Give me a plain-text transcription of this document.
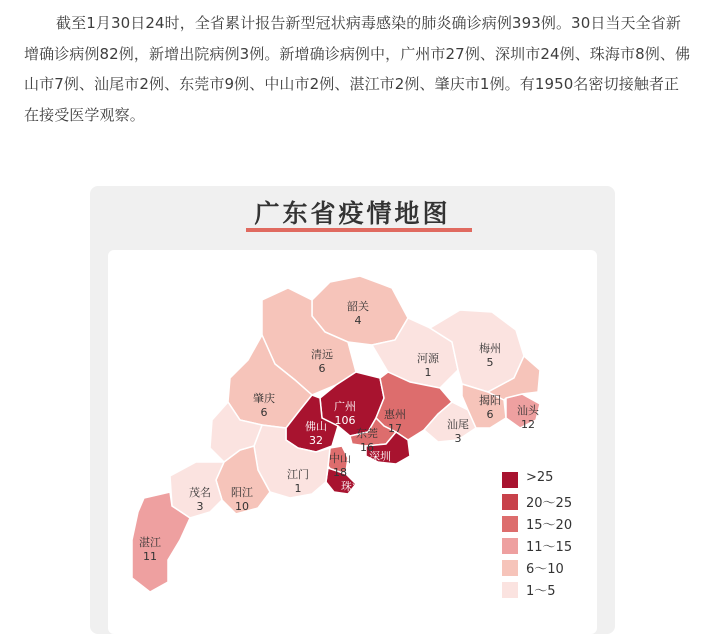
截至1月30日24时，全省累计报告新型冠状病毒感染的肺炎确诊病例393例。30日当天全省新增确诊病例82例，新增出院病例3例。新增确诊病例中，广州市27例、深圳市24例、珠海市8例、佛山市7例、汕尾市2例、东莞市9例、中山市2例、湛江市2例、肇庆市1例。有1950名密切接触者正在接受医学观察。
广东省疫情地图
韶关
4
清远
6
河源
1
梅州
5
肇庆
6	广州
106
佛山
32
惠州
17
东莞
16
深圳
110
中山
18
珠海
26
江门
1
阳江
10
茂名
3
湛江
11
汕尾
3
揭阳
6 汕头
12
>25
20～25
15～20
11～15
6～10
1～5
